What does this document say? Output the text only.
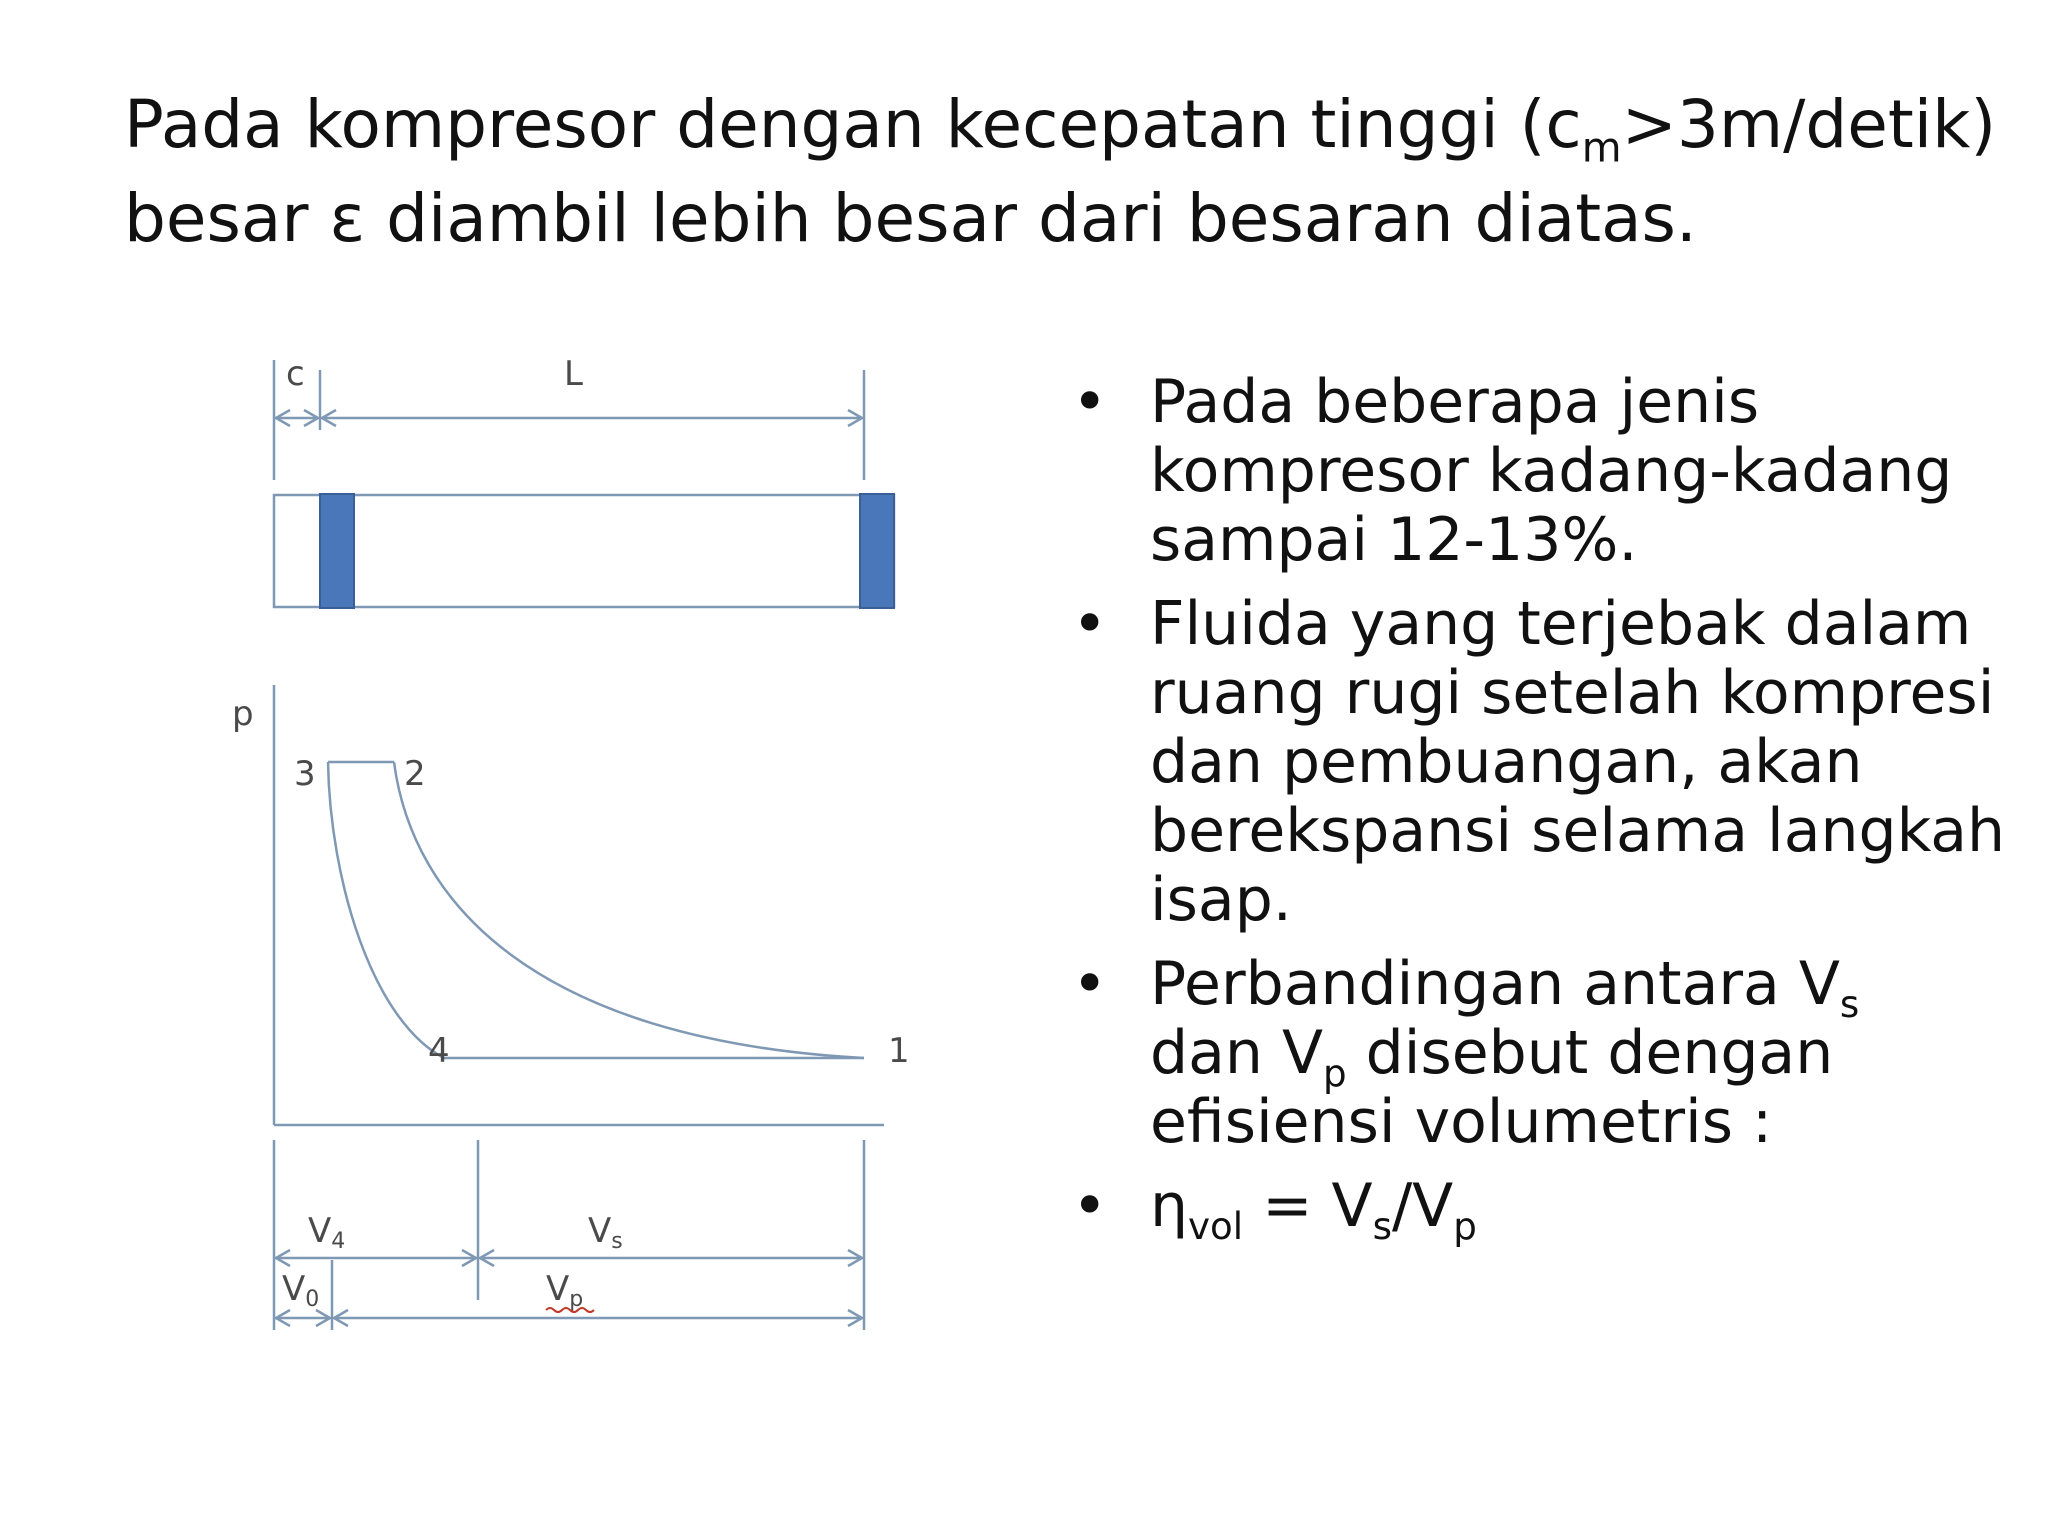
Pada kompresor dengan kecepatan tinggi $(c_m>3m/detik)$
besar ε diambil lebih besar dari besaran diatas.
c	L
p
3	2
4	1
V4	Vs
V0	Vp
• Pada beberapa jenis kompresor kadang-kadang sampai 12-13%.
• Fluida yang terjebak dalam ruang rugi setelah kompresi dan pembuangan, akan berekspansi selama langkah isap.
• Perbandingan antara $V_s$
dan $V_p$ disebut dengan efisiensi volumetris :
• $\eta_{vol} = V_s/V_p$
